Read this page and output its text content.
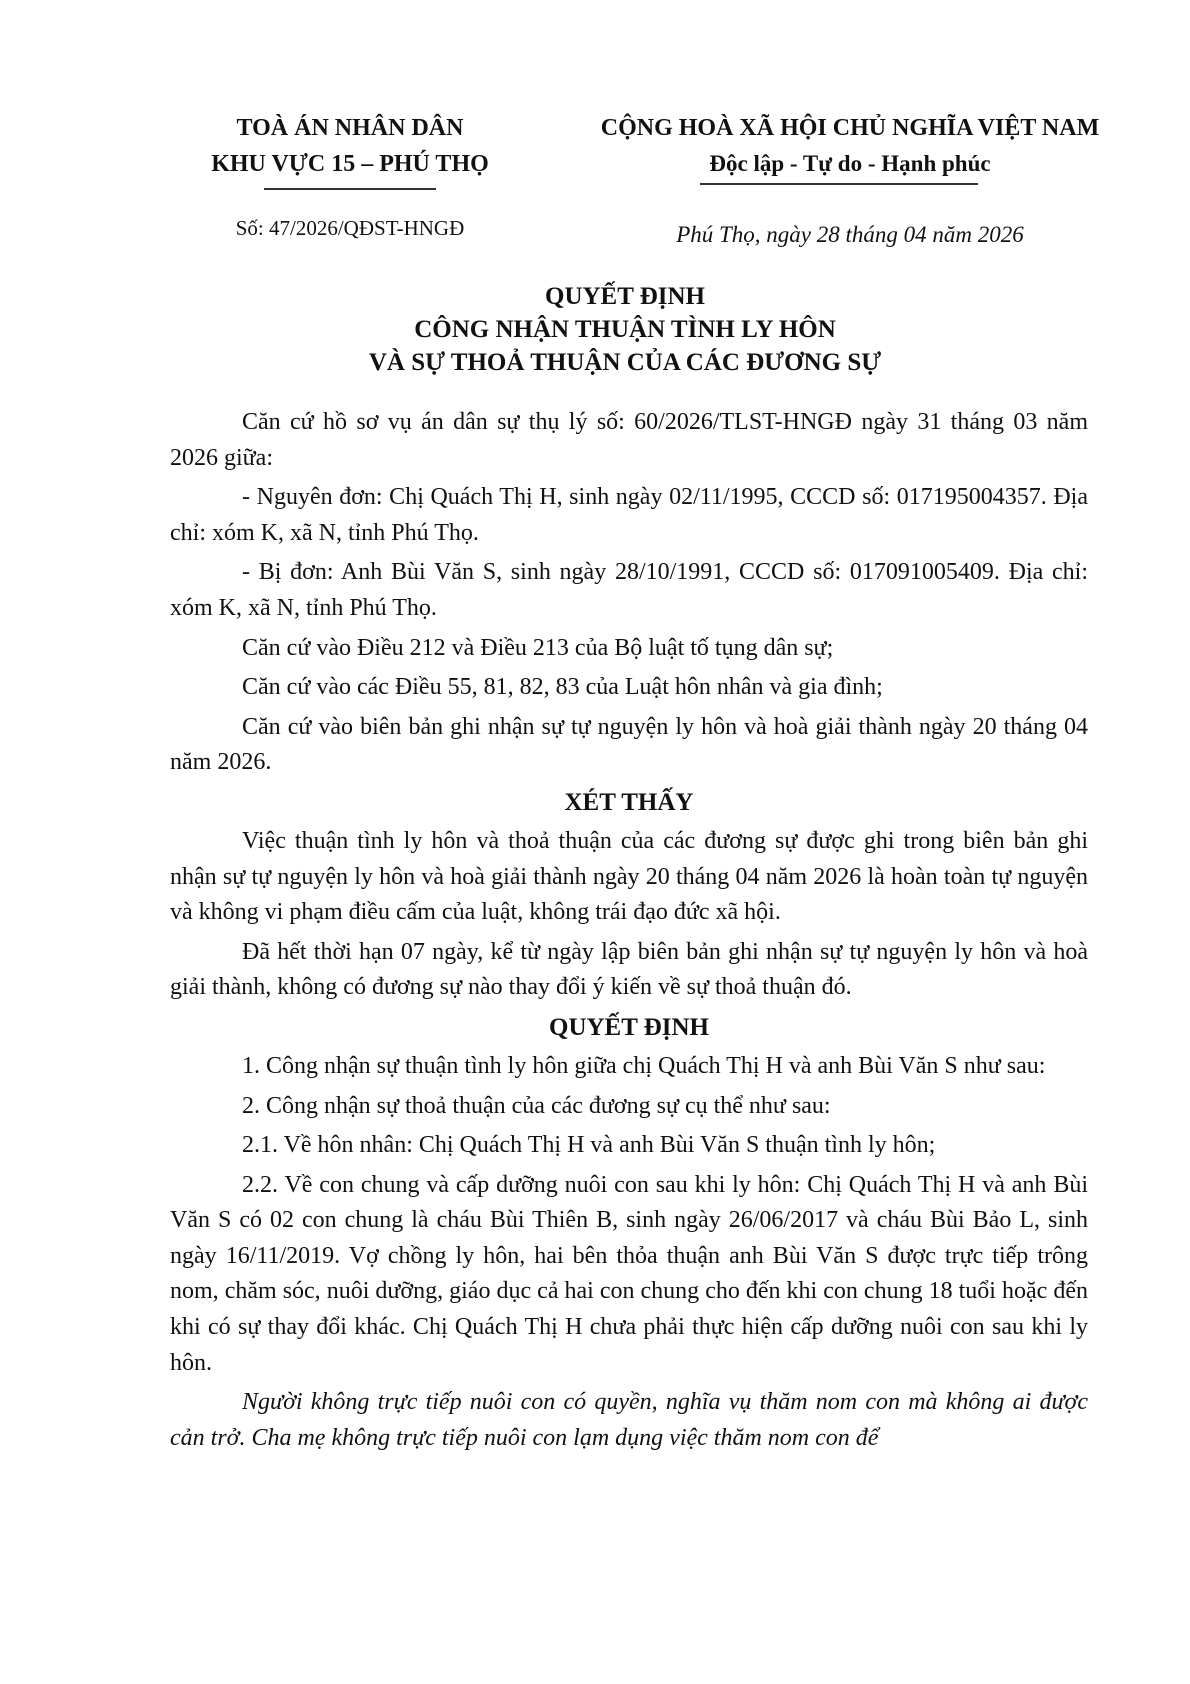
TOÀ ÁN NHÂN DÂN
KHU VỰC 15 – PHÚ THỌ
CỘNG HOÀ XÃ HỘI CHỦ NGHĨA VIỆT NAM
Độc lập - Tự do - Hạnh phúc
Số: 47/2026/QĐST-HNGĐ	Phú Thọ, ngày 28 tháng 04 năm 2026
QUYẾT ĐỊNH
CÔNG NHẬN THUẬN TÌNH LY HÔN
VÀ SỰ THOẢ THUẬN CỦA CÁC ĐƯƠNG SỰ

Căn cứ hồ sơ vụ án dân sự thụ lý số: 60/2026/TLST-HNGĐ ngày 31 tháng 03 năm 2026 giữa:

- Nguyên đơn: Chị Quách Thị H, sinh ngày 02/11/1995, CCCD số: 017195004357. Địa chỉ: xóm K, xã N, tỉnh Phú Thọ.

- Bị đơn: Anh Bùi Văn S, sinh ngày 28/10/1991, CCCD số: 017091005409. Địa chỉ: xóm K, xã N, tỉnh Phú Thọ.

Căn cứ vào Điều 212 và Điều 213 của Bộ luật tố tụng dân sự;

Căn cứ vào các Điều 55, 81, 82, 83 của Luật hôn nhân và gia đình;

Căn cứ vào biên bản ghi nhận sự tự nguyện ly hôn và hoà giải thành ngày 20 tháng 04 năm 2026.

XÉT THẤY

Việc thuận tình ly hôn và thoả thuận của các đương sự được ghi trong biên bản ghi nhận sự tự nguyện ly hôn và hoà giải thành ngày 20 tháng 04 năm 2026 là hoàn toàn tự nguyện và không vi phạm điều cấm của luật, không trái đạo đức xã hội.

Đã hết thời hạn 07 ngày, kể từ ngày lập biên bản ghi nhận sự tự nguyện ly hôn và hoà giải thành, không có đương sự nào thay đổi ý kiến về sự thoả thuận đó.

QUYẾT ĐỊNH

1. Công nhận sự thuận tình ly hôn giữa chị Quách Thị H và anh Bùi Văn S như sau:

2. Công nhận sự thoả thuận của các đương sự cụ thể như sau:

2.1. Về hôn nhân: Chị Quách Thị H và anh Bùi Văn S thuận tình ly hôn;

2.2. Về con chung và cấp dưỡng nuôi con sau khi ly hôn: Chị Quách Thị H và anh Bùi Văn S có 02 con chung là cháu Bùi Thiên B, sinh ngày 26/06/2017 và cháu Bùi Bảo L, sinh ngày 16/11/2019. Vợ chồng ly hôn, hai bên thỏa thuận anh Bùi Văn S được trực tiếp trông nom, chăm sóc, nuôi dưỡng, giáo dục cả hai con chung cho đến khi con chung 18 tuổi hoặc đến khi có sự thay đổi khác. Chị Quách Thị H chưa phải thực hiện cấp dưỡng nuôi con sau khi ly hôn.

Người không trực tiếp nuôi con có quyền, nghĩa vụ thăm nom con mà không ai được cản trở. Cha mẹ không trực tiếp nuôi con lạm dụng việc thăm nom con để
